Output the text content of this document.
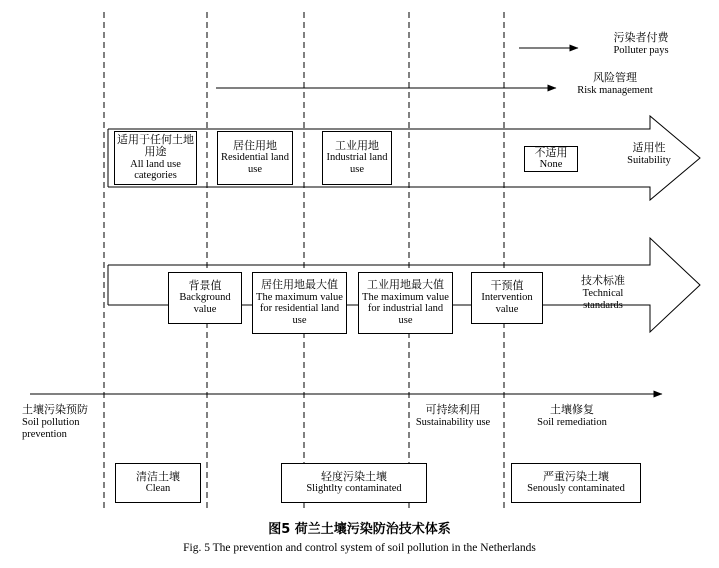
污染者付费
Polluter pays
风险管理
Risk management
适用性
Suitability
技术标准
Technical standards
适用于任何土地用途
All land use categories
居住用地
Residential land use
工业用地
Industrial land use
不适用
None
背景值
Background value
居住用地最大值
The maximum value for residential land use
工业用地最大值
The maximum value for industrial land use
干预值
Intervention value
土壤污染预防
Soil pollution prevention
可持续利用
Sustainability use
土壤修复
Soil remediation
清洁土壤
Clean
轻度污染土壤
Slightlty contaminated
严重污染土壤
Senously contaminated
图5 荷兰土壤污染防治技术体系
Fig. 5 The prevention and control system of soil pollution in the Netherlands
